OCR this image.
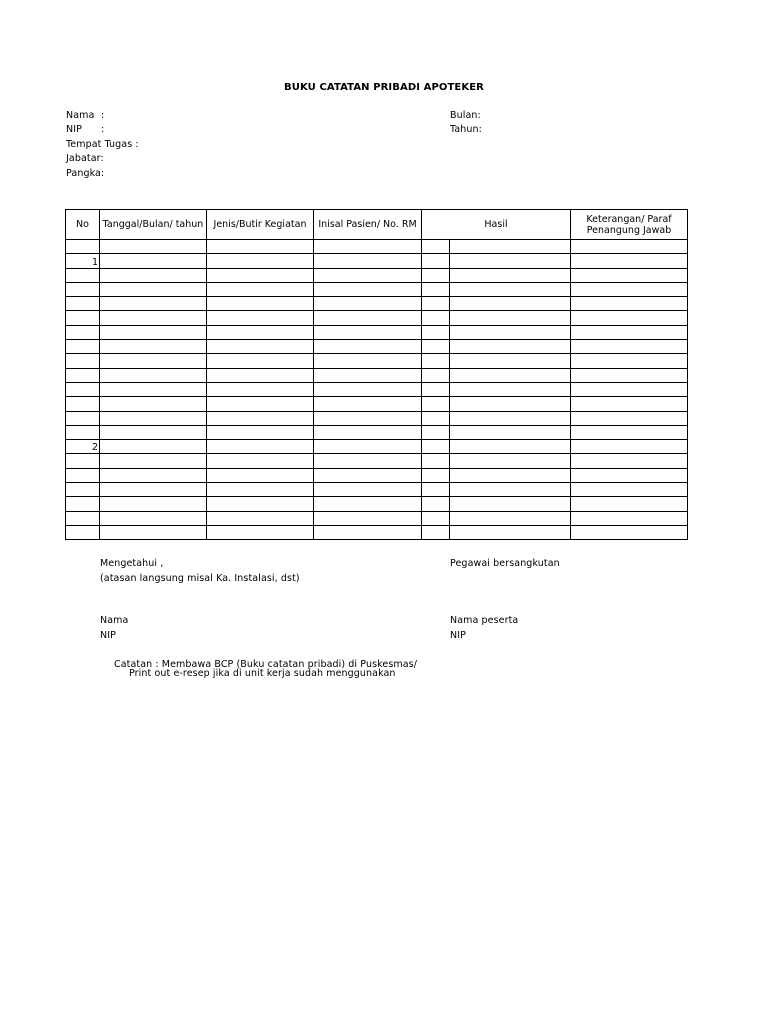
BUKU CATATAN PRIBADI APOTEKER
Nama :
NIP :
Tempat Tugas :
Jabatar:
Pangka:
Bulan:
Tahun:
No	Tanggal/Bulan/ tahun	Jenis/Butir Kegiatan	Inisal Pasien/ No. RM	Hasil		Keterangan/ Paraf
Penangung Jawab

1						

2						

Mengetahui ,
(atasan langsung misal Ka. Instalasi, dst)
Nama
NIP
Pegawai bersangkutan
Nama peserta
NIP
Catatan : Membawa BCP (Buku catatan pribadi) di Puskesmas/
Print out e-resep jika di unit kerja sudah menggunakan
